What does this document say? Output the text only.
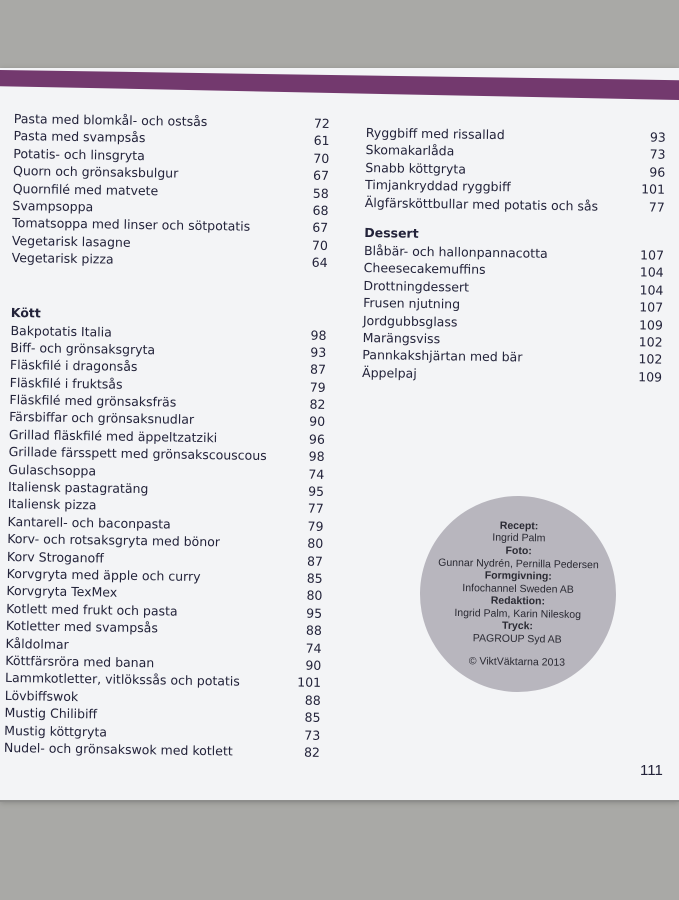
Pasta med blomkål- och ostsås	72
Pasta med svampsås	61
Potatis- och linsgryta	70
Quorn och grönsaksbulgur	67
Quornfilé med matvete	58
Svampsoppa	68
Tomatsoppa med linser och sötpotatis	67
Vegetarisk lasagne	70
Vegetarisk pizza	64
Kött
Bakpotatis Italia	98
Biff- och grönsaksgryta	93
Fläskfilé i dragonsås	87
Fläskfilé i fruktsås	79
Fläskfilé med grönsaksfräs	82
Färsbiffar och grönsaksnudlar	90
Grillad fläskfilé med äppeltzatziki	96
Grillade färsspett med grönsakscouscous	98
Gulaschsoppa	74
Italiensk pastagratäng	95
Italiensk pizza	77
Kantarell- och baconpasta	79
Korv- och rotsaksgryta med bönor	80
Korv Stroganoff	87
Korvgryta med äpple och curry	85
Korvgryta TexMex	80
Kotlett med frukt och pasta	95
Kotletter med svampsås	88
Kåldolmar	74
Köttfärsröra med banan	90
Lammkotletter, vitlökssås och potatis	101
Lövbiffswok	88
Mustig Chilibiff	85
Mustig köttgryta	73
Nudel- och grönsakswok med kotlett	82
Ryggbiff med rissallad	93
Skomakarlåda	73
Snabb köttgryta	96
Timjankryddad ryggbiff	101
Älgfärsköttbullar med potatis och sås	77
Dessert
Blåbär- och hallonpannacotta	107
Cheesecakemuffins	104
Drottningdessert	104
Frusen njutning	107
Jordgubbsglass	109
Marängsviss	102
Pannkakshjärtan med bär	102
Äppelpaj	109
Recept:
Ingrid Palm
Foto:
Gunnar Nydrén, Pernilla Pedersen
Formgivning:
Infochannel Sweden AB
Redaktion:
Ingrid Palm, Karin Nileskog
Tryck:
PAGROUP Syd AB
© ViktVäktarna 2013
111
